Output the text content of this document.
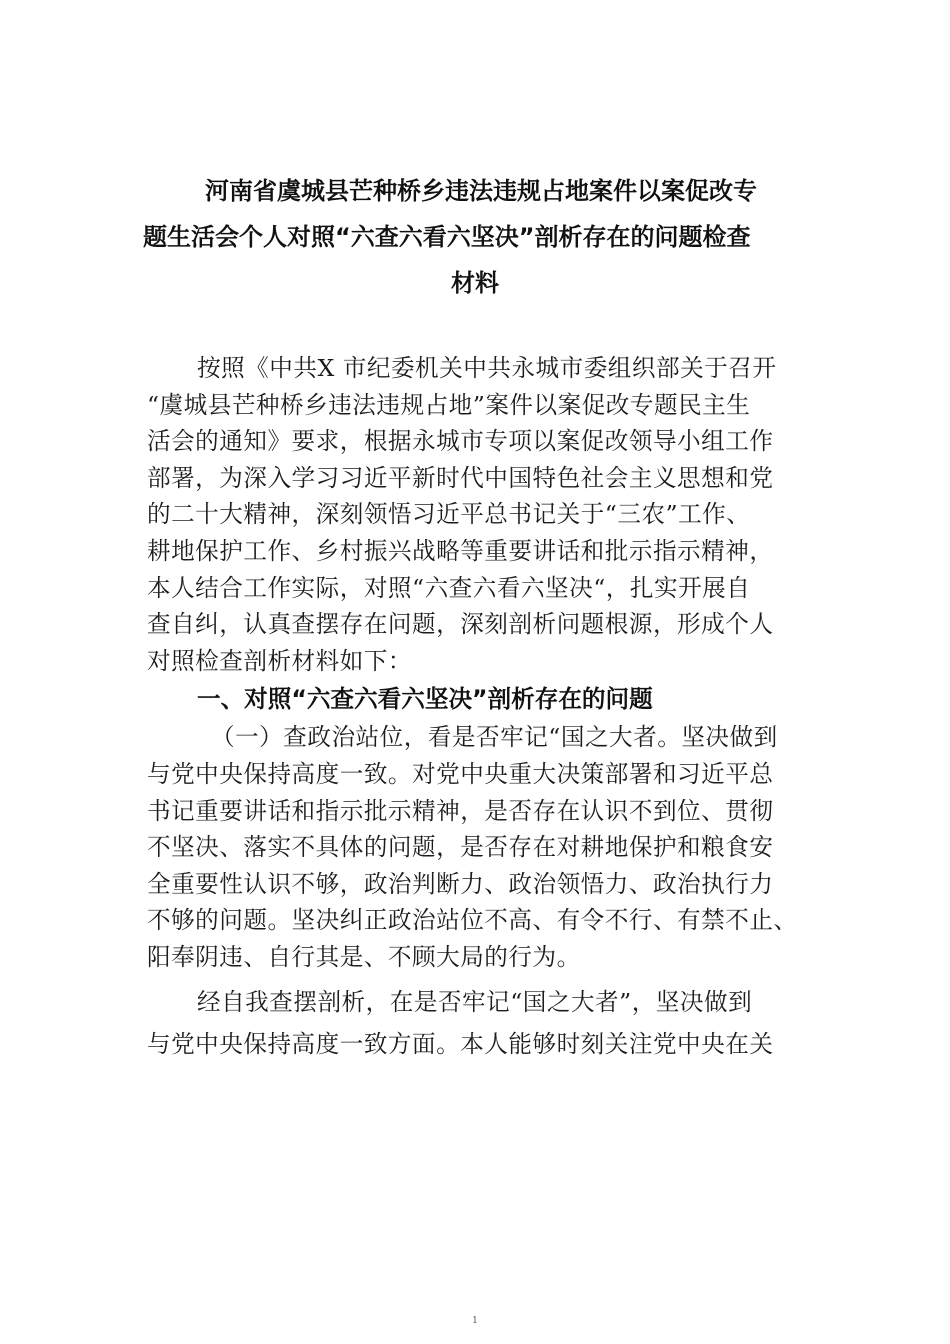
河南省虞城县芒种桥乡违法违规占地案件以案促改专
题生活会个人对照“六查六看六坚决”剖析存在的问题检查
材料
按照《中共X 市纪委机关中共永城市委组织部关于召开
“虞城县芒种桥乡违法违规占地”案件以案促改专题民主生
活会的通知》要求，根据永城市专项以案促改领导小组工作
部署，为深入学习习近平新时代中国特色社会主义思想和党
的二十大精神，深刻领悟习近平总书记关于“三农”工作、
耕地保护工作、乡村振兴战略等重要讲话和批示指示精神，
本人结合工作实际，对照“六查六看六坚决“，扎实开展自
查自纠，认真查摆存在问题，深刻剖析问题根源，形成个人
对照检查剖析材料如下：
一、对照“六查六看六坚决”剖析存在的问题
（一）查政治站位，看是否牢记“国之大者。坚决做到
与党中央保持高度一致。对党中央重大决策部署和习近平总
书记重要讲话和指示批示精神，是否存在认识不到位、贯彻
不坚决、落实不具体的问题，是否存在对耕地保护和粮食安
全重要性认识不够，政治判断力、政治领悟力、政治执行力
不够的问题。坚决纠正政治站位不高、有令不行、有禁不止、
阳奉阴违、自行其是、不顾大局的行为。
经自我查摆剖析，在是否牢记“国之大者”，坚决做到
与党中央保持高度一致方面。本人能够时刻关注党中央在关
1
